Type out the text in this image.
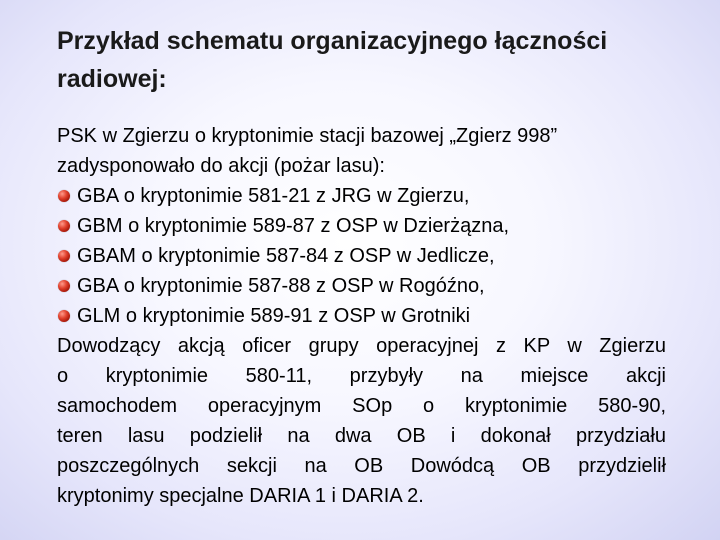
Przykład schematu organizacyjnego łączności
radiowej:
PSK w Zgierzu o kryptonimie stacji bazowej „Zgierz 998”
zadysponowało do akcji (pożar lasu):
GBA o kryptonimie 581-21 z JRG w Zgierzu,
GBM o kryptonimie 589-87 z OSP w Dzierżązna,
GBAM o kryptonimie 587-84 z OSP w Jedlicze,
GBA o kryptonimie 587-88 z OSP w Rogóźno,
GLM o kryptonimie 589-91 z OSP w Grotniki
Dowodzący akcją oficer grupy operacyjnej z KP w Zgierzu
o kryptonimie 580-11, przybyły na miejsce akcji
samochodem operacyjnym SOp o kryptonimie 580-90,
teren lasu podzielił na dwa OB i dokonał przydziału
poszczególnych sekcji na OB Dowódcą OB przydzielił
kryptonimy specjalne DARIA 1 i DARIA 2.
